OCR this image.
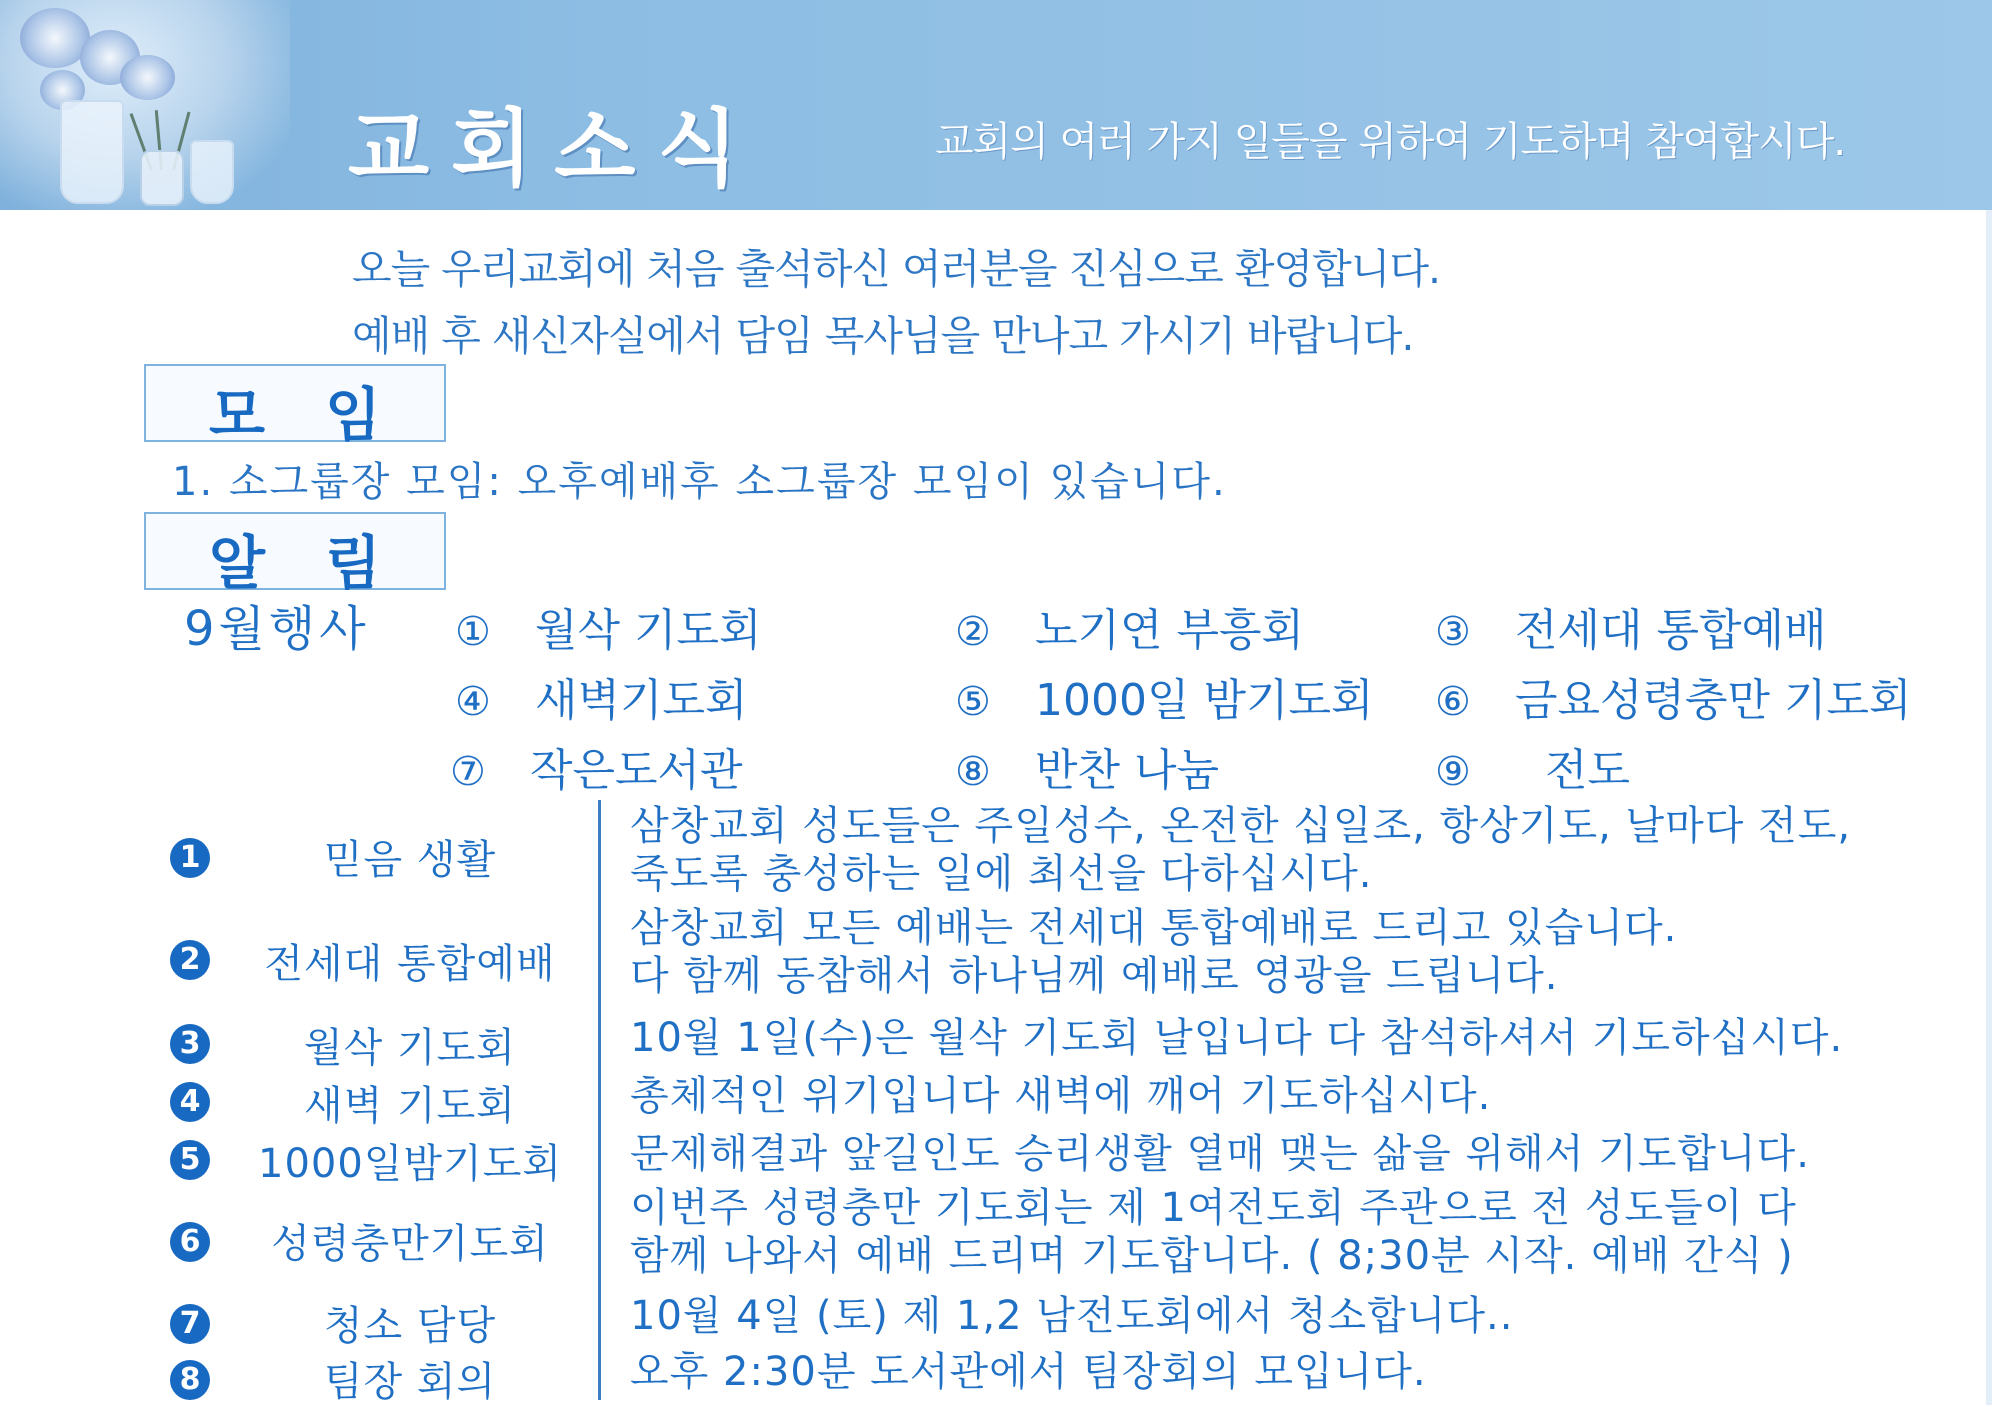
교회소식	교회의 여러 가지 일들을 위하여 기도하며 참여합시다.
오늘 우리교회에 처음 출석하신 여러분을 진심으로 환영합니다.
예배 후 새신자실에서 담임 목사님을 만나고 가시기 바랍니다.
모임
1. 소그룹장 모임: 오후예배후 소그룹장 모임이 있습니다.
알림
9월행사 ① 월삭 기도회	② 노기연 부흥회	③ 전세대 통합예배
④ 새벽기도회	⑤ 1000일 밤기도회 ⑥ 금요성령충만 기도회
⑦ 작은도서관	⑧ 반찬 나눔	⑨ 전도
1	믿음 생활
삼창교회 성도들은 주일성수, 온전한 십일조, 항상기도, 날마다 전도,
죽도록 충성하는 일에 최선을 다하십시다.
2	전세대 통합예배
삼창교회 모든 예배는 전세대 통합예배로 드리고 있습니다.
다 함께 동참해서 하나님께 예배로 영광을 드립니다.
3	월삭 기도회	10월 1일(수)은 월삭 기도회 날입니다 다 참석하셔서 기도하십시다.
4	새벽 기도회	총체적인 위기입니다 새벽에 깨어 기도하십시다.
5	1000일밤기도회	문제해결과 앞길인도 승리생활 열매 맺는 삶을 위해서 기도합니다.
6	성령충만기도회
이번주 성령충만 기도회는 제 1여전도회 주관으로 전 성도들이 다
함께 나와서 예배 드리며 기도합니다. ( 8;30분 시작. 예배 간식 )
7	청소 담당	10월 4일 (토) 제 1,2 남전도회에서 청소합니다..
8	팀장 회의	오후 2:30분 도서관에서 팀장회의 모입니다.
